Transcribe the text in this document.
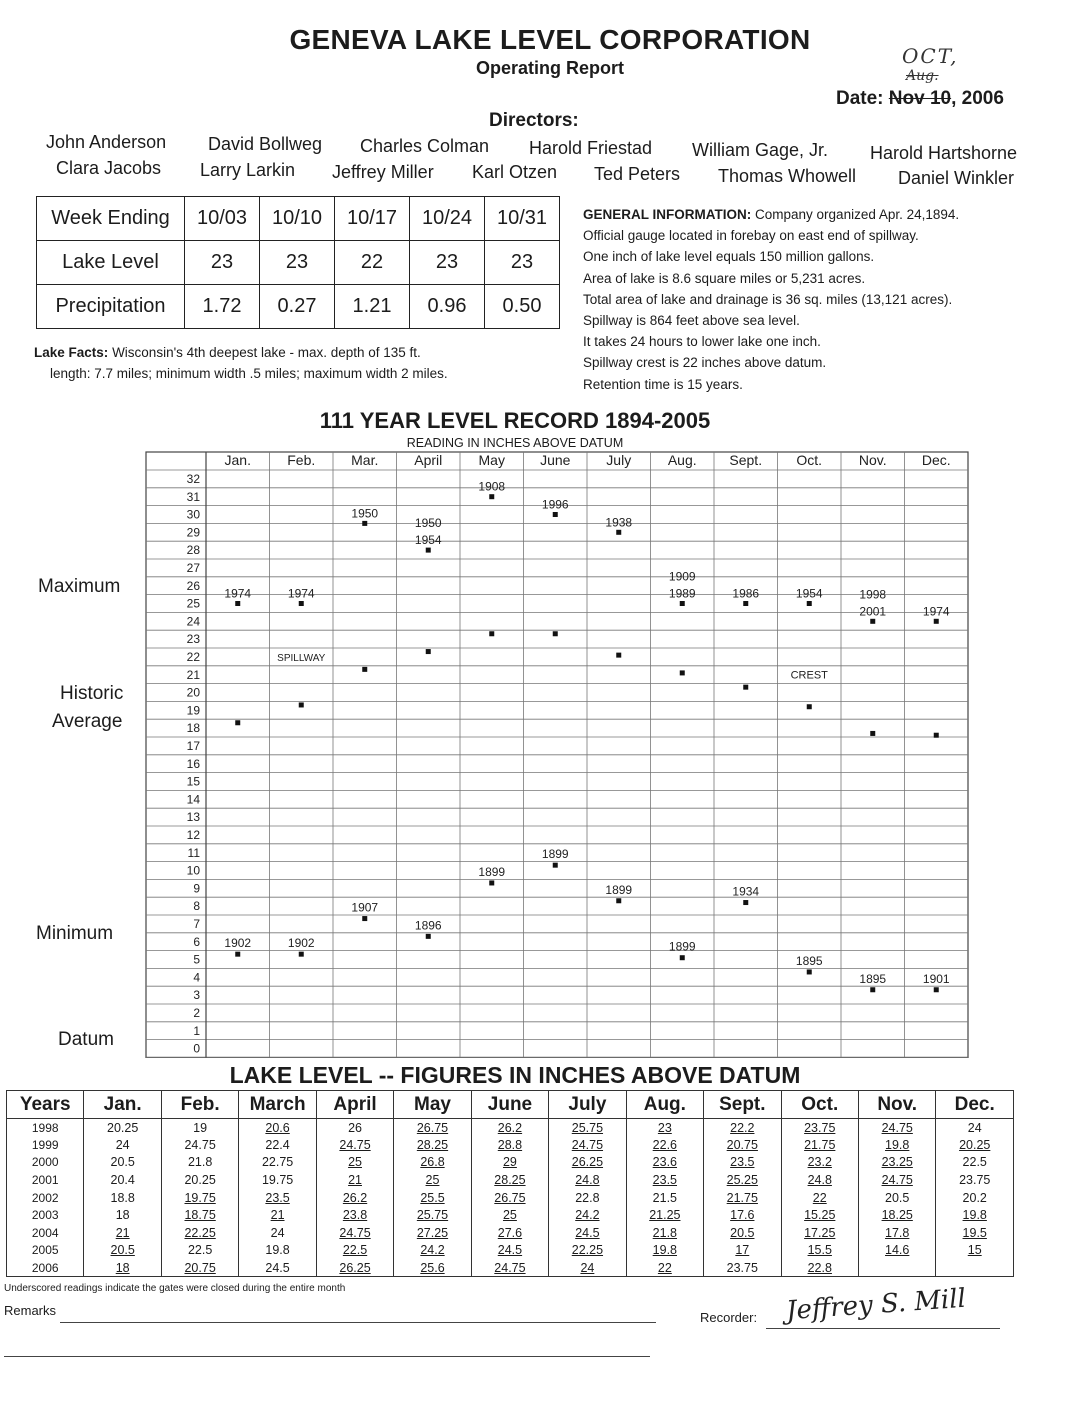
GENEVA LAKE LEVEL CORPORATION
Operating Report	OCT,
Aug.
Date: Nov 10, 2006
Directors:
John Anderson David Bollweg Charles Colman Harold Friestad William Gage, Jr. Harold Hartshorne
Clara Jacobs Larry Larkin Jeffrey Miller Karl Otzen Ted Peters Thomas Whowell Daniel Winkler
Week Ending	10/03	10/10	10/17	10/24	10/31
Lake Level	23	23	22	23	23
Precipitation	1.72	0.27	1.21	0.96	0.50
Lake Facts: Wisconsin's 4th deepest lake - max. depth of 135 ft.
length: 7.7 miles; minimum width .5 miles; maximum width 2 miles.
GENERAL INFORMATION: Company organized Apr. 24,1894.
Official gauge located in forebay on east end of spillway.
One inch of lake level equals 150 million gallons.
Area of lake is 8.6 square miles or 5,231 acres.
Total area of lake and drainage is 36 sq. miles (13,121 acres).
Spillway is 864 feet above sea level.
It takes 24 hours to lower lake one inch.
Spillway crest is 22 inches above datum.
Retention time is 15 years.
111 YEAR LEVEL RECORD 1894-2005
READING IN INCHES ABOVE DATUM
Jan.	Feb.	Mar.	April	May	June	July	Aug. Sept. Oct.	Nov.	Dec.
32
31
30
29
28
27
26
25
24
23
22
21
20
19
18
17
16
15
14
13
12
11
10
9
8
7
6
5
4
3
2
1
0
1974	1974
1950
1954
1950
1908
1996
1938
1989
1909
1986	1954
2001
1998
1974
1902	1902
1907
1896
1899
1899
1899
1899
1934
1895
1895	1901
SPILLWAY
CREST
Maximum
Historic
Average
Minimum
Datum
LAKE LEVEL -- FIGURES IN INCHES ABOVE DATUM
Years	Jan.	Feb.	March	April	May	June	July	Aug.	Sept.	Oct.	Nov.	Dec.
1998	20.25	19	20.6	26	26.75	26.2	25.75	23	22.2	23.75	24.75	24
1999	24	24.75	22.4	24.75	28.25	28.8	24.75	22.6	20.75	21.75	19.8	20.25
2000	20.5	21.8	22.75	25	26.8	29	26.25	23.6	23.5	23.2	23.25	22.5
2001	20.4	20.25	19.75	21	25	28.25	24.8	23.5	25.25	24.8	24.75	23.75
2002	18.8	19.75	23.5	26.2	25.5	26.75	22.8	21.5	21.75	22	20.5	20.2
2003	18	18.75	21	23.8	25.75	25	24.2	21.25	17.6	15.25	18.25	19.8
2004	21	22.25	24	24.75	27.25	27.6	24.5	21.8	20.5	17.25	17.8	19.5
2005	20.5	22.5	19.8	22.5	24.2	24.5	22.25	19.8	17	15.5	14.6	15
2006	18	20.75	24.5	26.25	25.6	24.75	24	22	23.75	22.8		
Underscored readings indicate the gates were closed during the entire month
Remarks	Recorder: Jeffrey S. Mill
